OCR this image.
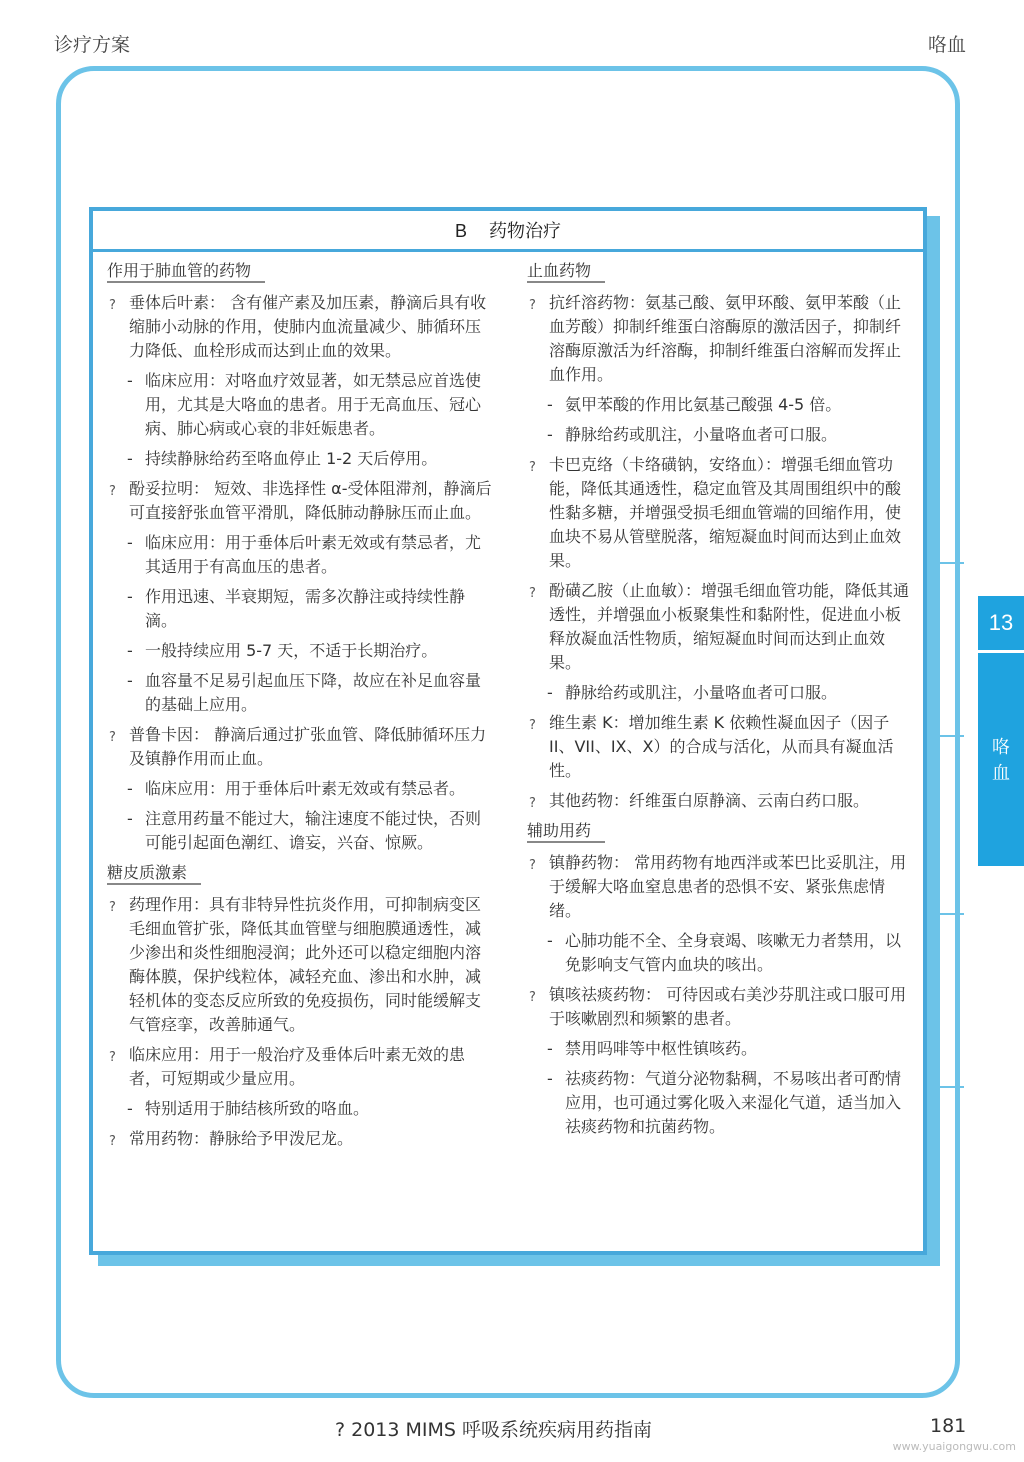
诊疗方案	咯血
B 药物治疗
作用于肺血管的药物
? 垂体后叶素： 含有催产素及加压素，静滴后具有收缩肺小动脉的作用，使肺内血流量减少、肺循环压力降低、血栓形成而达到止血的效果。
- 临床应用：对咯血疗效显著，如无禁忌应首选使用，尤其是大咯血的患者。用于无高血压、冠心病、肺心病或心衰的非妊娠患者。
- 持续静脉给药至咯血停止 1-2 天后停用。
? 酚妥拉明： 短效、非选择性 α-受体阻滞剂，静滴后可直接舒张血管平滑肌，降低肺动静脉压而止血。
- 临床应用：用于垂体后叶素无效或有禁忌者，尤其适用于有高血压的患者。
- 作用迅速、半衰期短，需多次静注或持续性静滴。
- 一般持续应用 5-7 天，不适于长期治疗。
- 血容量不足易引起血压下降，故应在补足血容量的基础上应用。
? 普鲁卡因： 静滴后通过扩张血管、降低肺循环压力及镇静作用而止血。
- 临床应用：用于垂体后叶素无效或有禁忌者。
- 注意用药量不能过大，输注速度不能过快，否则可能引起面色潮红、谵妄，兴奋、惊厥。
糖皮质激素
? 药理作用：具有非特异性抗炎作用，可抑制病变区毛细血管扩张，降低其血管壁与细胞膜通透性，减少渗出和炎性细胞浸润；此外还可以稳定细胞内溶酶体膜，保护线粒体，减轻充血、渗出和水肿，减轻机体的变态反应所致的免疫损伤，同时能缓解支气管痉挛，改善肺通气。
? 临床应用：用于一般治疗及垂体后叶素无效的患者，可短期或少量应用。
- 特别适用于肺结核所致的咯血。
? 常用药物：静脉给予甲泼尼龙。
止血药物
? 抗纤溶药物：氨基己酸、氨甲环酸、氨甲苯酸（止血芳酸）抑制纤维蛋白溶酶原的激活因子，抑制纤溶酶原激活为纤溶酶，抑制纤维蛋白溶解而发挥止血作用。
- 氨甲苯酸的作用比氨基己酸强 4-5 倍。
- 静脉给药或肌注，小量咯血者可口服。
? 卡巴克络（卡络磺钠，安络血）：增强毛细血管功能，降低其通透性，稳定血管及其周围组织中的酸性黏多糖，并增强受损毛细血管端的回缩作用，使血块不易从管壁脱落，缩短凝血时间而达到止血效果。
? 酚磺乙胺（止血敏）：增强毛细血管功能，降低其通透性，并增强血小板聚集性和黏附性，促进血小板释放凝血活性物质，缩短凝血时间而达到止血效果。
- 静脉给药或肌注，小量咯血者可口服。
? 维生素 K：增加维生素 K 依赖性凝血因子（因子 II、VII、IX、X）的合成与活化，从而具有凝血活性。
? 其他药物：纤维蛋白原静滴、云南白药口服。
辅助用药
? 镇静药物： 常用药物有地西泮或苯巴比妥肌注，用于缓解大咯血窒息患者的恐惧不安、紧张焦虑情绪。
- 心肺功能不全、全身衰竭、咳嗽无力者禁用，以免影响支气管内血块的咳出。
? 镇咳祛痰药物： 可待因或右美沙芬肌注或口服可用于咳嗽剧烈和频繁的患者。
- 禁用吗啡等中枢性镇咳药。
- 祛痰药物：气道分泌物黏稠，不易咳出者可酌情应用，也可通过雾化吸入来湿化气道，适当加入祛痰药物和抗菌药物。
13
咯血
? 2013 MIMS 呼吸系统疾病用药指南	181
www.yuaigongwu.com
